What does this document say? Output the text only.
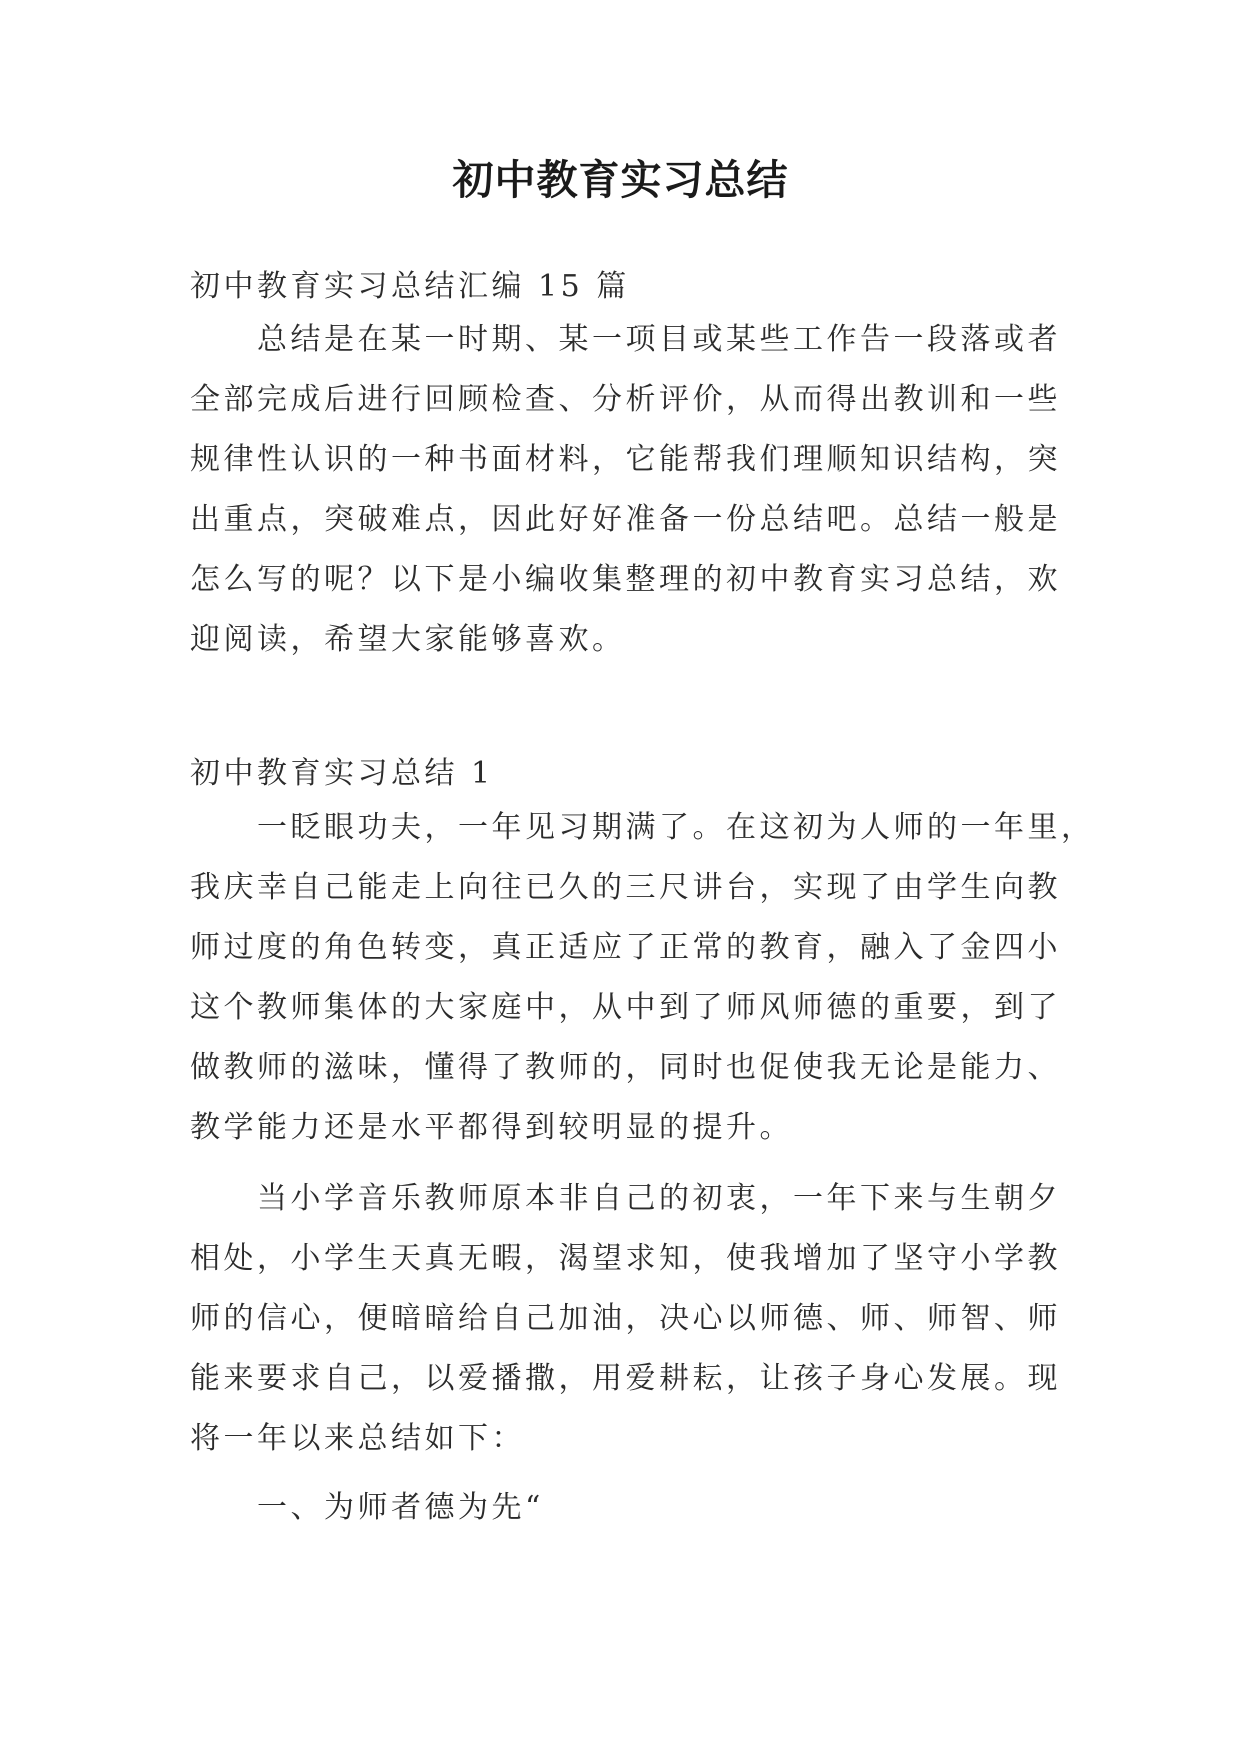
初中教育实习总结
初中教育实习总结汇编 15 篇
总结是在某一时期、某一项目或某些工作告一段落或者
全部完成后进行回顾检查、分析评价，从而得出教训和一些
规律性认识的一种书面材料，它能帮我们理顺知识结构，突
出重点，突破难点，因此好好准备一份总结吧。总结一般是
怎么写的呢？以下是小编收集整理的初中教育实习总结，欢
迎阅读，希望大家能够喜欢。
初中教育实习总结 1
一眨眼功夫，一年见习期满了。在这初为人师的一年里，
我庆幸自己能走上向往已久的三尺讲台，实现了由学生向教
师过度的角色转变，真正适应了正常的教育，融入了金四小
这个教师集体的大家庭中，从中到了师风师德的重要，到了
做教师的滋味，懂得了教师的，同时也促使我无论是能力、
教学能力还是水平都得到较明显的提升。
当小学音乐教师原本非自己的初衷，一年下来与生朝夕
相处，小学生天真无暇，渴望求知，使我增加了坚守小学教
师的信心，便暗暗给自己加油，决心以师德、师、师智、师
能来要求自己，以爱播撒，用爱耕耘，让孩子身心发展。现
将一年以来总结如下：
一、为师者德为先“
